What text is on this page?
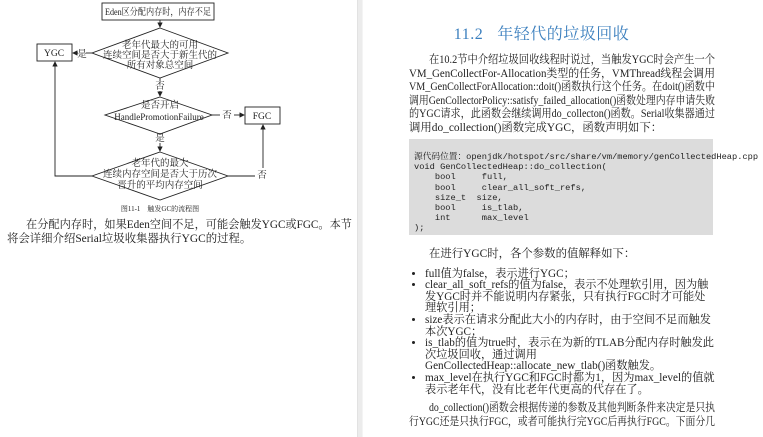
Eden区分配内存时，内存不足
老年代最大的可用
连续空间是否大于新生代的
所有对象总空间
YGC 是
否
是否开启
HandlePromotionFailure 否 FGC
是
老年代的最大
连续内存空间是否大于历次
晋升的平均内存空间
否
图11-1　触发GC的流程图
在分配内存时，如果Eden空间不足，可能会触发YGC或FGC。本节
将会详细介绍Serial垃圾收集器执行YGC的过程。
11.2 年轻代的垃圾回收
在10.2节中介绍垃圾回收线程时说过，当触发YGC时会产生一个
VM_GenCollectFor-Allocation类型的任务，VMThread线程会调用
VM_GenCollectForAllocation::doit()函数执行这个任务。在doit()函数中
调用GenCollectorPolicy::satisfy_failed_allocation()函数处理内存申请失败
的YGC请求，此函数会继续调用do_collecton()函数。Serial收集器通过
调用do_collection()函数完成YGC，函数声明如下：
源代码位置：openjdk/hotspot/src/share/vm/memory/genCollectedHeap.cpp
void GenCollectedHeap::do_collection(
bool     full,
bool     clear_all_soft_refs,
size_t  size,
bool     is_tlab,
int      max_level
);
在进行YGC时，各个参数的值解释如下：
• full值为false，表示进行YGC；
• clear_all_soft_refs的值为false，表示不处理软引用，因为触发YGC时并不能说明内存紧张，只有执行FGC时才可能处理软引用；
• size表示在请求分配此大小的内存时，由于空间不足而触发本次YGC；
• is_tlab的值为true时，表示在为新的TLAB分配内存时触发此次垃圾回收，通过调用GenCollectedHeap::allocate_new_tlab()函数触发。
• max_level在执行YGC和FGC时都为1，因为max_level的值就表示老年代，没有比老年代更高的代存在了。
do_collection()函数会根据传递的参数及其他判断条件来决定是只执
行YGC还是只执行FGC，或者可能执行完YGC后再执行FGC。下面分几
